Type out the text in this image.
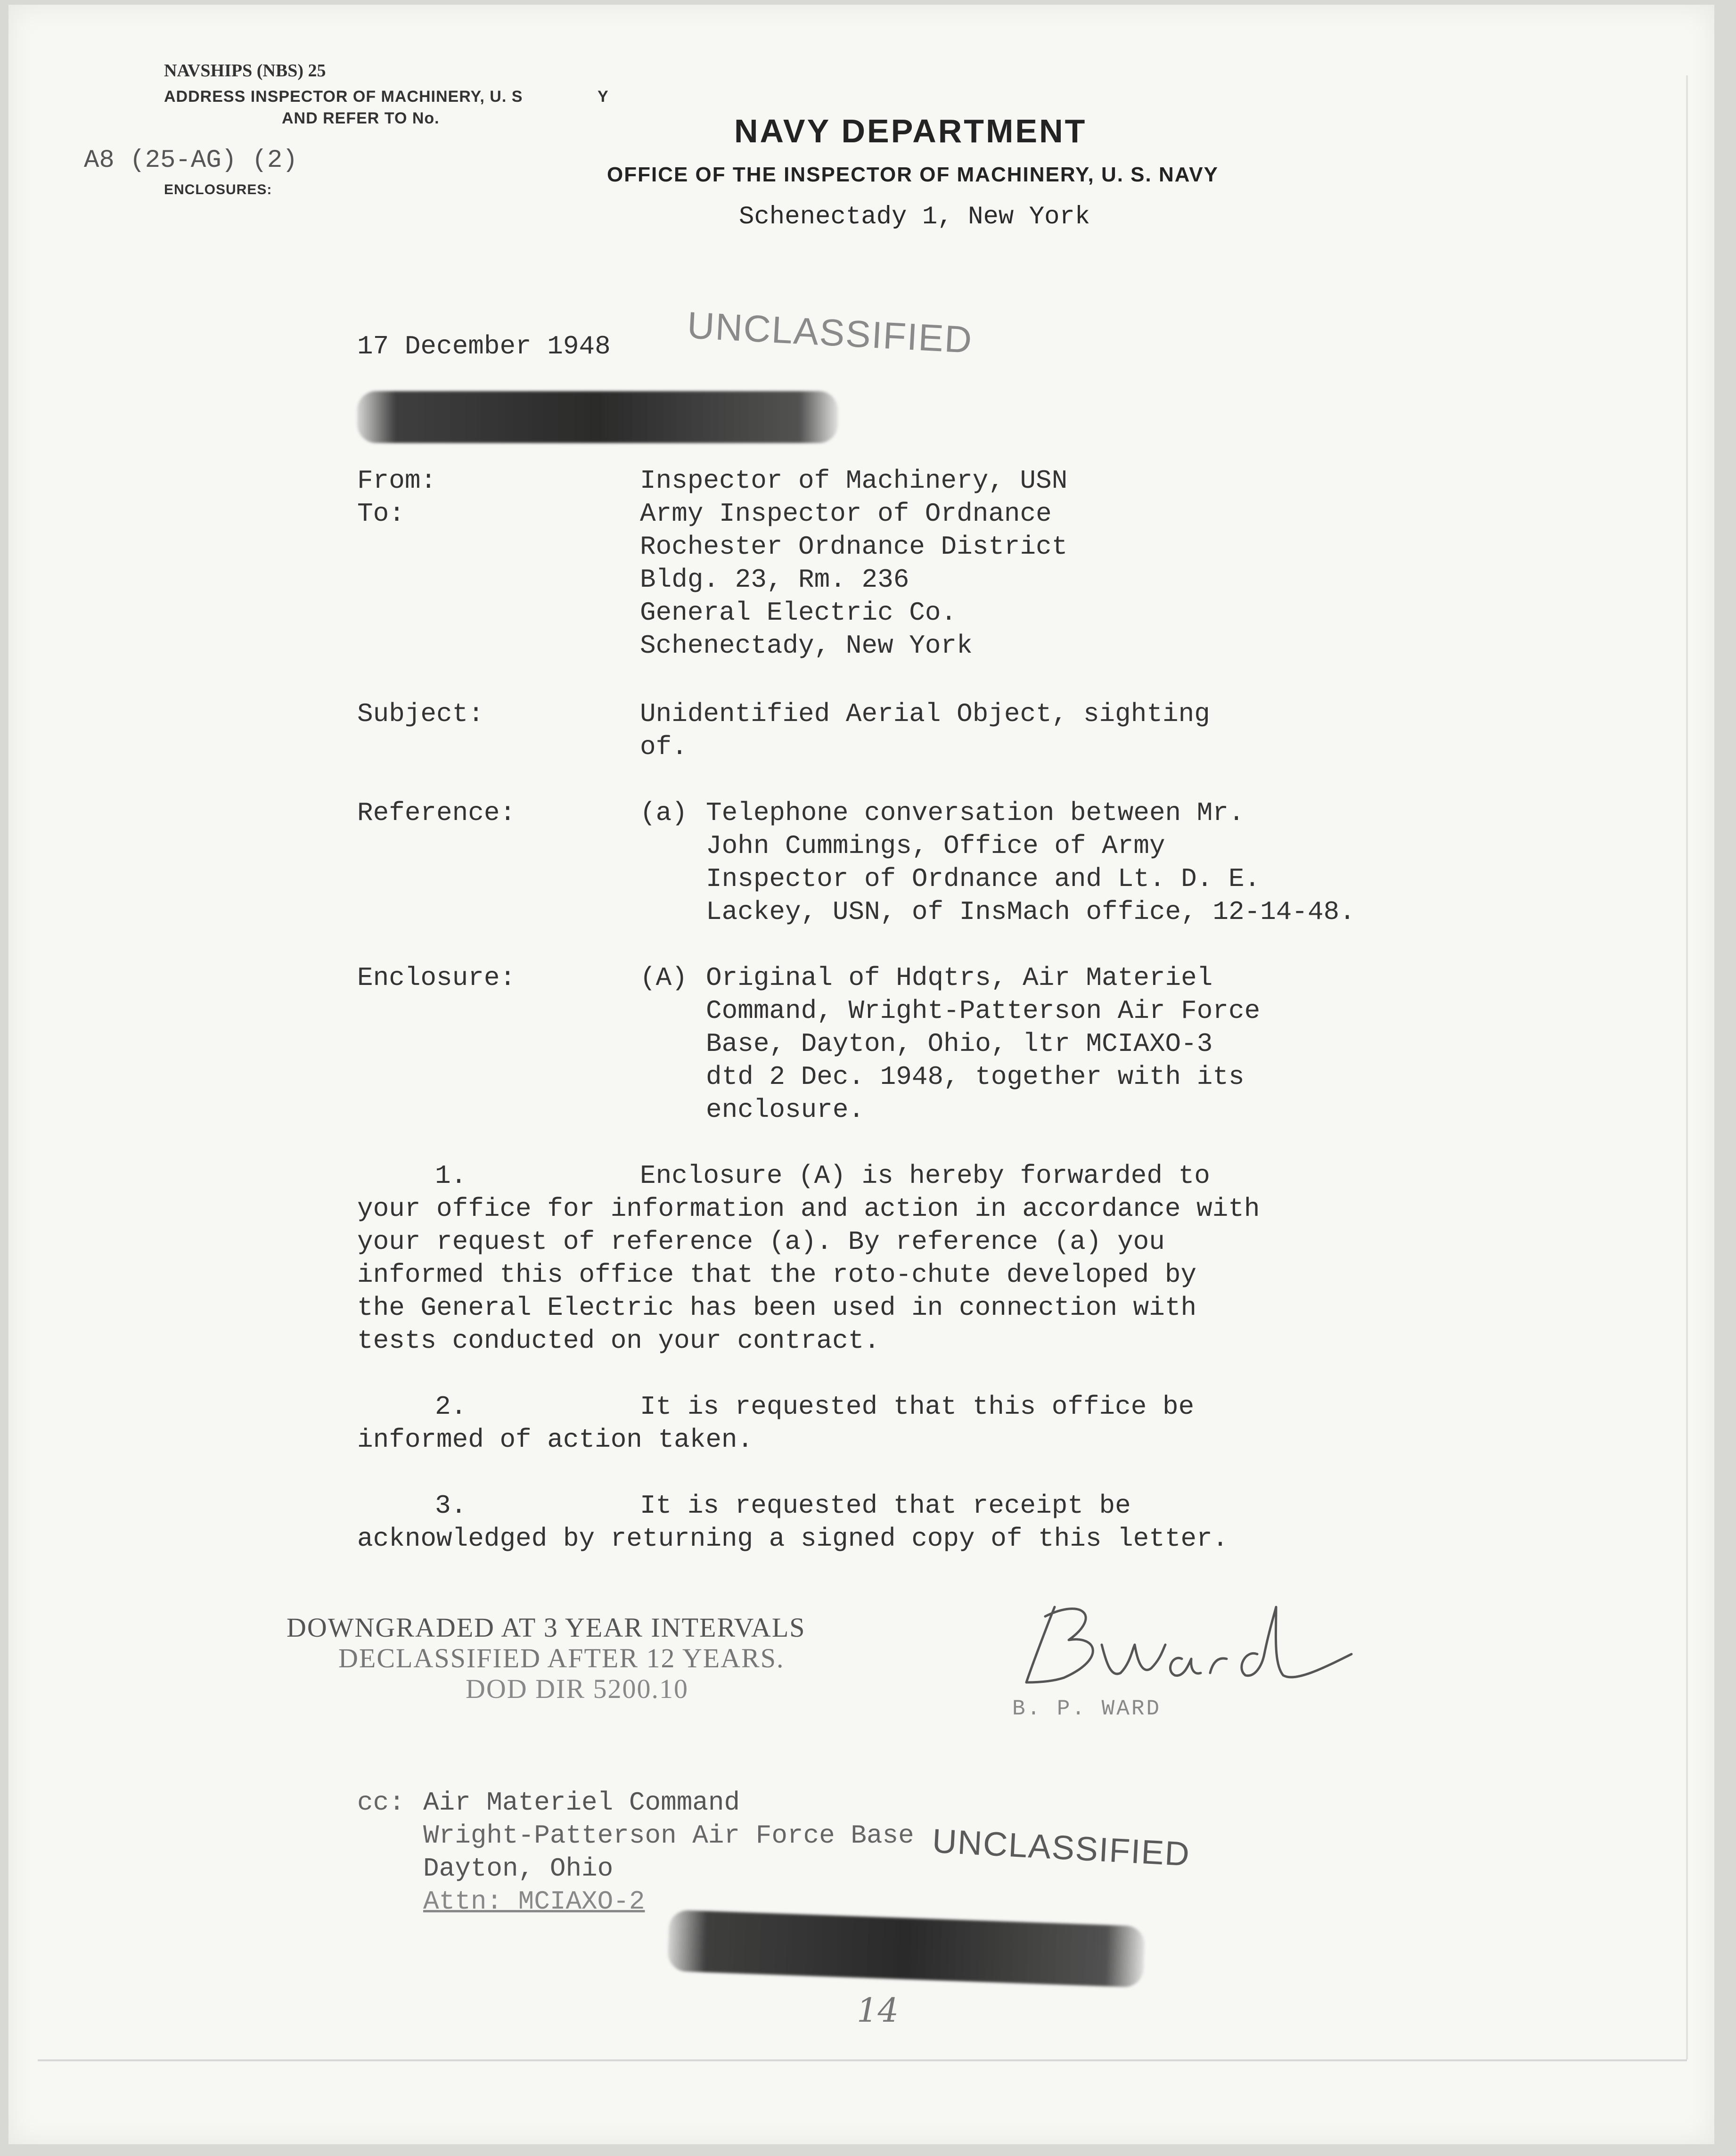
NAVSHIPS (NBS) 25
ADDRESS INSPECTOR OF MACHINERY, U. S	Y
AND REFER TO No.
A8 (25-AG) (2)
ENCLOSURES:
NAVY DEPARTMENT
OFFICE OF THE INSPECTOR OF MACHINERY, U. S. NAVY
Schenectady 1, New York
17 December 1948 UNCLASSIFIED
From:	Inspector of Machinery, USN
To:	Army Inspector of Ordnance
Rochester Ordnance District
Bldg. 23, Rm. 236
General Electric Co.
Schenectady, New York
Subject:	Unidentified Aerial Object, sighting
of.
Reference:	(a) Telephone conversation between Mr.
John Cummings, Office of Army
Inspector of Ordnance and Lt. D. E.
Lackey, USN, of InsMach office, 12-14-48.
Enclosure:	(A) Original of Hdqtrs, Air Materiel
Command, Wright-Patterson Air Force
Base, Dayton, Ohio, ltr MCIAXO-3
dtd 2 Dec. 1948, together with its
enclosure.
1.	Enclosure (A) is hereby forwarded to
your office for information and action in accordance with
your request of reference (a). By reference (a) you
informed this office that the roto-chute developed by
the General Electric has been used in connection with
tests conducted on your contract.
2.	It is requested that this office be
informed of action taken.
3.	It is requested that receipt be
acknowledged by returning a signed copy of this letter.
DOWNGRADED AT 3 YEAR INTERVALS
DECLASSIFIED AFTER 12 YEARS.
DOD DIR 5200.10
BPWard
B. P. WARD
cc: Air Materiel Command
Wright-Patterson Air Force Base
Dayton, Ohio
Attn: MCIAXO-2
UNCLASSIFIED
14
